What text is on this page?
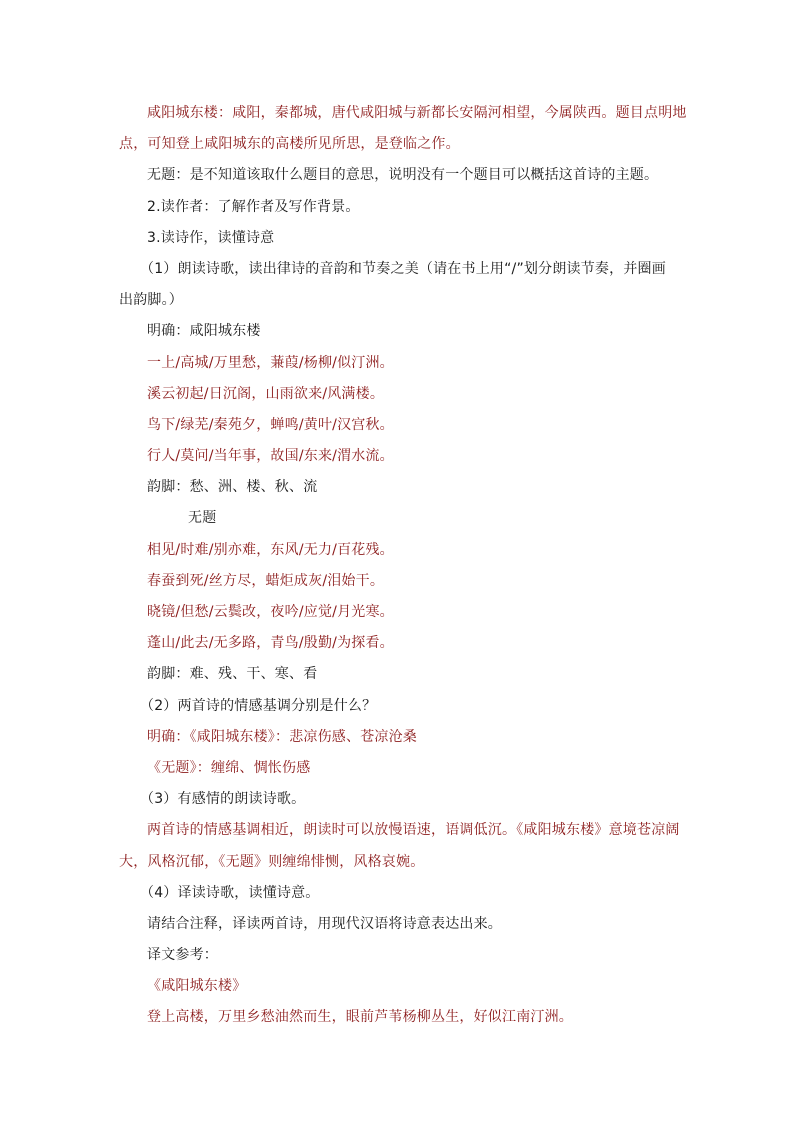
咸阳城东楼：咸阳，秦都城，唐代咸阳城与新都长安隔河相望，今属陕西。题目点明地
点，可知登上咸阳城东的高楼所见所思，是登临之作。
无题：是不知道该取什么题目的意思，说明没有一个题目可以概括这首诗的主题。
2.读作者：了解作者及写作背景。
3.读诗作，读懂诗意
（1）朗读诗歌，读出律诗的音韵和节奏之美（请在书上用“/”划分朗读节奏，并圈画
出韵脚。）
明确：咸阳城东楼
一上/高城/万里愁，蒹葭/杨柳/似汀洲。
溪云初起/日沉阁，山雨欲来/风满楼。
鸟下/绿芜/秦苑夕，蝉鸣/黄叶/汉宫秋。
行人/莫问/当年事，故国/东来/渭水流。
韵脚：愁、洲、楼、秋、流
无题
相见/时难/别亦难，东风/无力/百花残。
春蚕到死/丝方尽，蜡炬成灰/泪始干。
晓镜/但愁/云鬓改，夜吟/应觉/月光寒。
蓬山/此去/无多路，青鸟/殷勤/为探看。
韵脚：难、残、干、寒、看
（2）两首诗的情感基调分别是什么？
明确：《咸阳城东楼》：悲凉伤感、苍凉沧桑
《无题》：缠绵、惆怅伤感
（3）有感情的朗读诗歌。
两首诗的情感基调相近，朗读时可以放慢语速，语调低沉。《咸阳城东楼》意境苍凉阔
大，风格沉郁，《无题》则缠绵悱恻，风格哀婉。
（4）译读诗歌，读懂诗意。
请结合注释，译读两首诗，用现代汉语将诗意表达出来。
译文参考：
《咸阳城东楼》
登上高楼，万里乡愁油然而生，眼前芦苇杨柳丛生，好似江南汀洲。
